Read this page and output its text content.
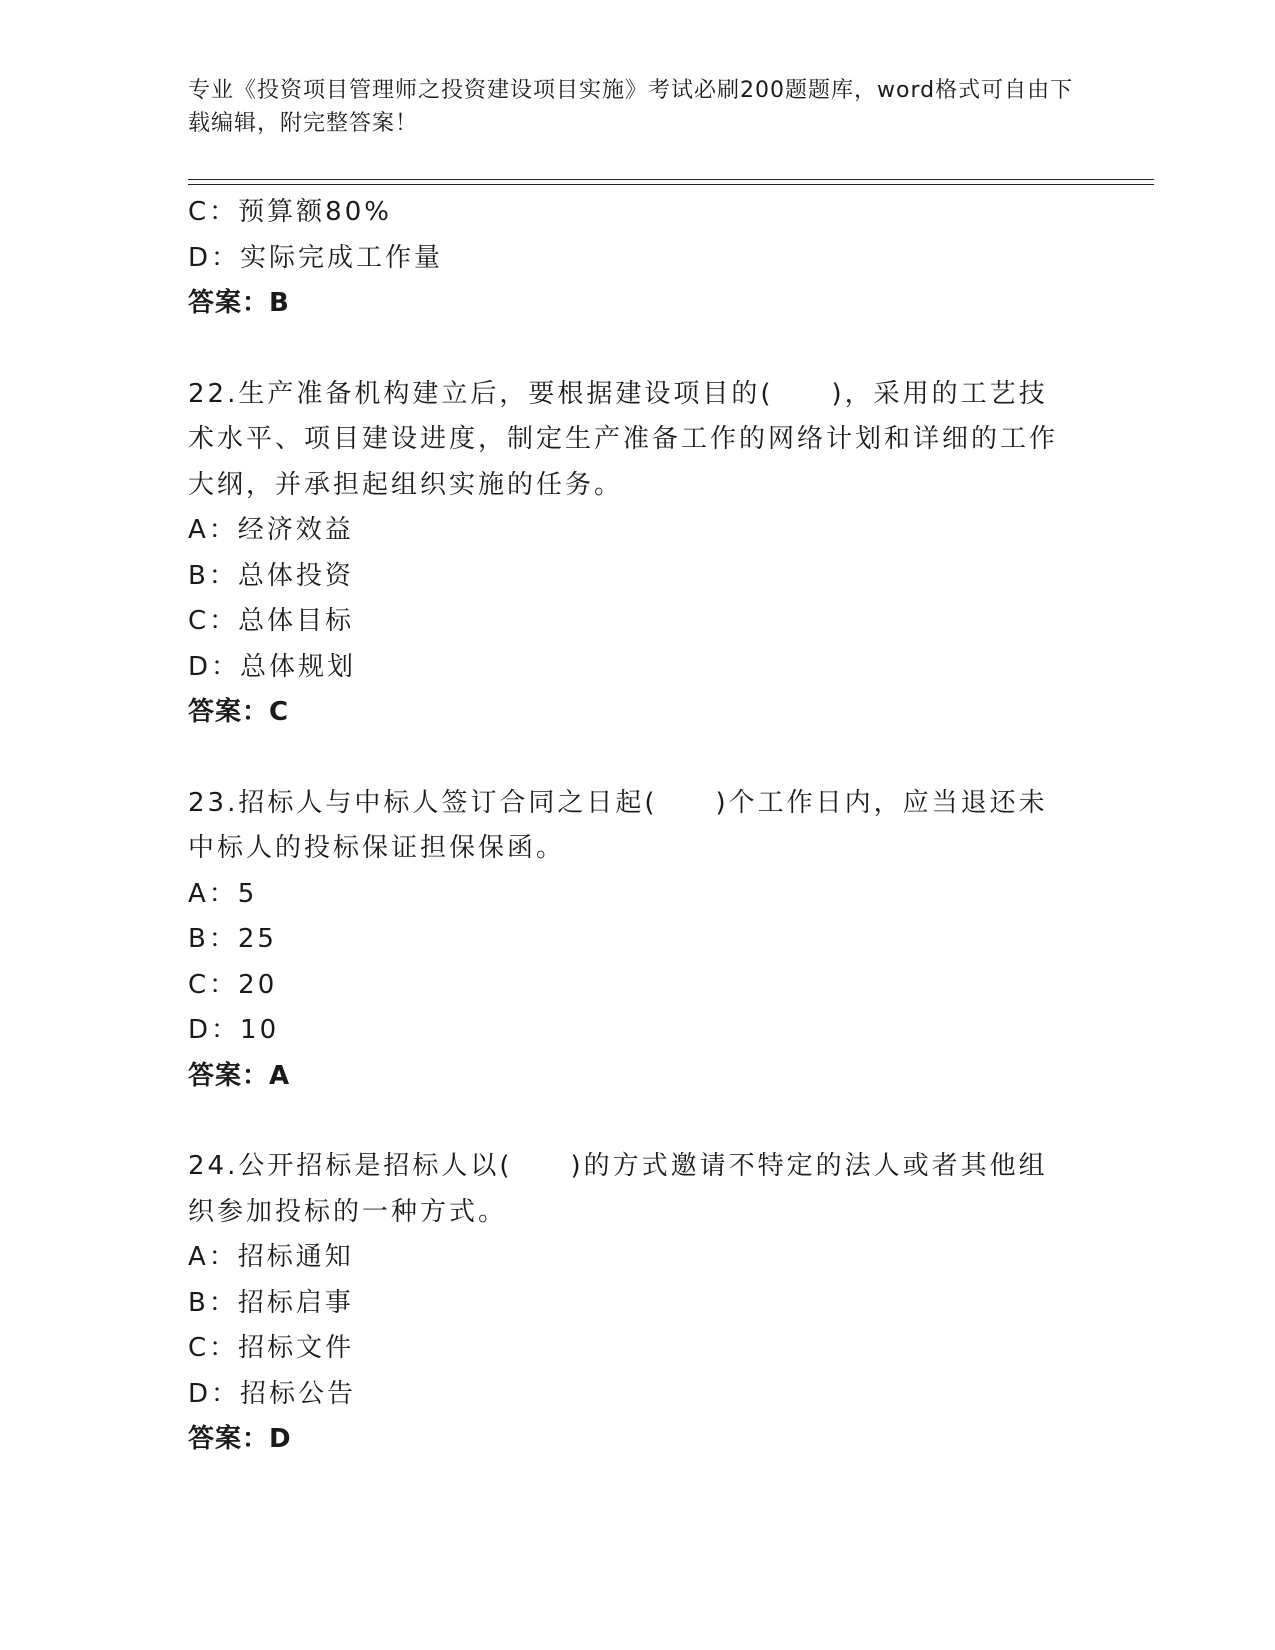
专业《投资项目管理师之投资建设项目实施》考试必刷200题题库，word格式可自由下载编辑，附完整答案！
C：预算额80%
D：实际完成工作量
答案：B
22.生产准备机构建立后，要根据建设项目的(　　)，采用的工艺技术水平、项目建设进度，制定生产准备工作的网络计划和详细的工作大纲，并承担起组织实施的任务。
A：经济效益
B：总体投资
C：总体目标
D：总体规划
答案：C
23.招标人与中标人签订合同之日起(　　)个工作日内，应当退还未中标人的投标保证担保保函。
A：5
B：25
C：20
D：10
答案：A
24.公开招标是招标人以(　　)的方式邀请不特定的法人或者其他组织参加投标的一种方式。
A：招标通知
B：招标启事
C：招标文件
D：招标公告
答案：D
